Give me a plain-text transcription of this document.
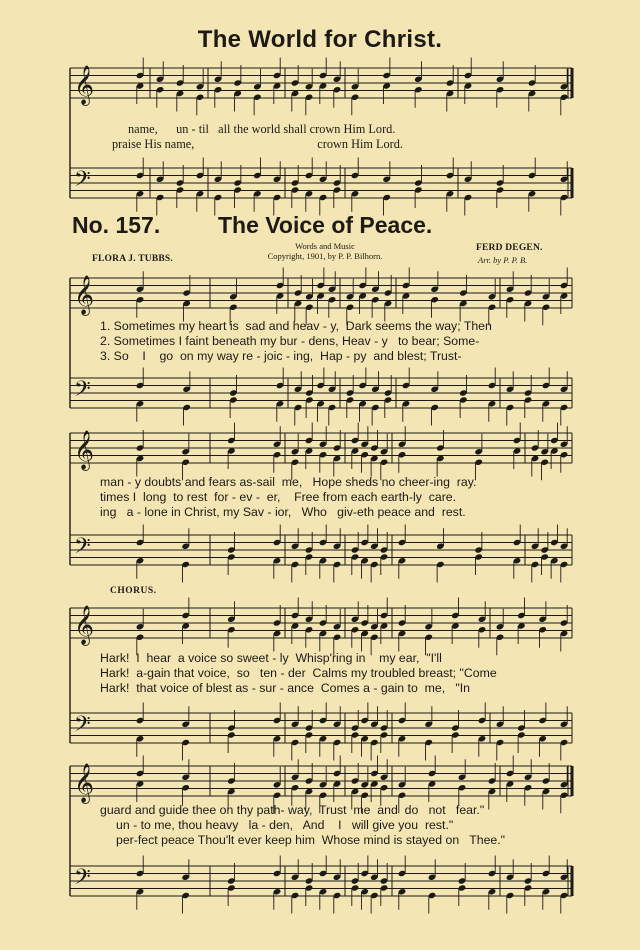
The World for Christ.
𝄞
𝄢
𝄞
𝄢
𝄞
𝄢
𝄞
𝄢
𝄞
𝄢
name,      un - til   all the world shall crown Him Lord.
praise His name,                                        crown Him Lord.
No. 157.	The Voice of Peace.
FLORA J. TUBBS.
Words and Music
Copyright, 1901, by P. P. Bilhorn.
FERD DEGEN.
Arr. by P. P. B.
1. Sometimes my heart is  sad and heav - y,  Dark seems the way; Then
2. Sometimes I faint beneath my bur - dens, Heav - y   to bear; Some-
3. So    I    go  on my way re - joic - ing,  Hap - py  and blest; Trust-
man - y doubts and fears as-sail  me,   Hope sheds no cheer-ing  ray.
times I  long  to rest  for - ev -  er,    Free from each earth-ly  care.
ing   a - lone in Christ, my Sav - ior,   Who   giv-eth peace and  rest.
CHORUS.
Hark!  I  hear  a voice so sweet - ly  Whisp'ring in    my ear,  "I'll
Hark!  a-gain that voice,  so   ten - der  Calms my troubled breast; "Come
Hark!  that voice of blest as - sur - ance  Comes a - gain to  me,   "In
guard and guide thee on thy path- way,  Trust  me  and  do   not   fear."
un - to me, thou heavy   la - den,   And    I   will give you  rest."
per-fect peace Thou'lt ever keep him  Whose mind is stayed on   Thee."
